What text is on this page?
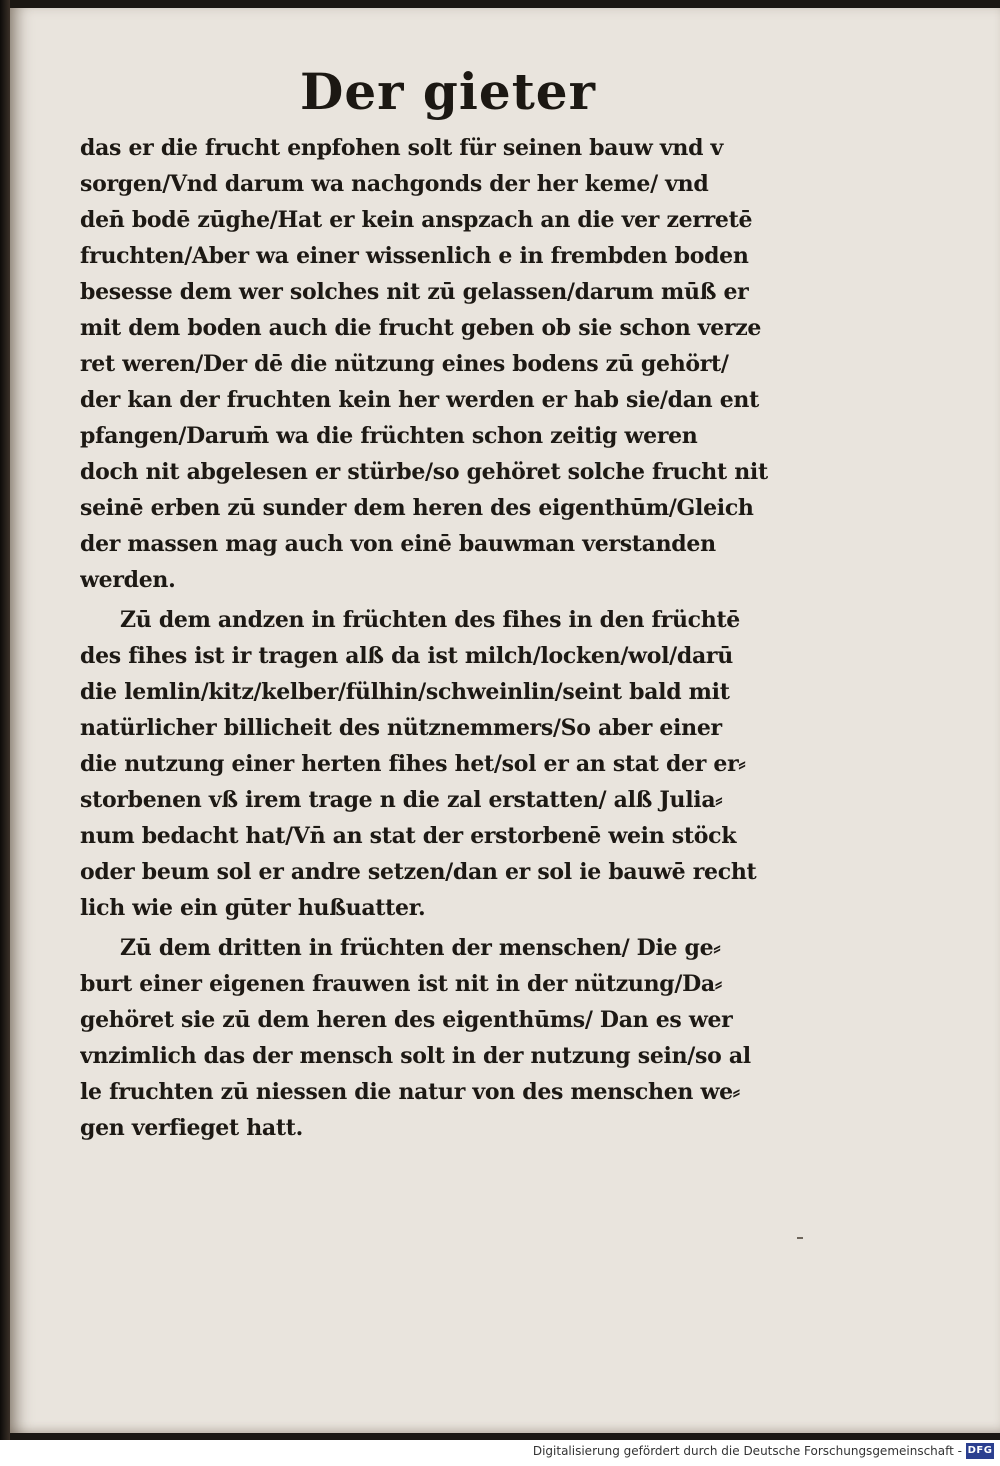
Der gieter
das er die frucht enpfohen solt für seinen bauw vnd v
sorgen/Vnd darum wa nachgonds der her keme/ vnd
den̄ bodē zūghe/Hat er kein anspzach an die ver zerretē
fruchten/Aber wa einer wissenlich e in frembden boden
besesse dem wer solches nit zū gelassen/darum mūß er
mit dem boden auch die frucht geben ob sie schon verze
ret weren/Der dē die nützung eines bodens zū gehört/
der kan der fruchten kein her werden er hab sie/dan ent
pfangen/Darum̄ wa die früchten schon zeitig weren
doch nit abgelesen er stürbe/so gehöret solche frucht nit
seinē erben zū sunder dem heren des eigenthūm/Gleich
der massen mag auch von einē bauwman verstanden
werden.
Zū dem andzen in früchten des fihes in den früchtē
des fihes ist ir tragen alß da ist milch/locken/wol/darū
die lemlin/kitz/kelber/fülhin/schweinlin/seint bald mit
natürlicher billicheit des nütznemmers/So aber einer
die nutzung einer herten fihes het/sol er an stat der er⸗
storbenen vß irem trage n die zal erstatten/ alß Julia⸗
num bedacht hat/Vn̄ an stat der erstorbenē wein stöck
oder beum sol er andre setzen/dan er sol ie bauwē recht
lich wie ein gūter hußuatter.
Zū dem dritten in früchten der menschen/ Die ge⸗
burt einer eigenen frauwen ist nit in der nützung/Da⸗
gehöret sie zū dem heren des eigenthūms/ Dan es wer
vnzimlich das der mensch solt in der nutzung sein/so al
le fruchten zū niessen die natur von des menschen we⸗
gen verfieget hatt.
Digitalisierung gefördert durch die Deutsche Forschungsgemeinschaft - DFG
